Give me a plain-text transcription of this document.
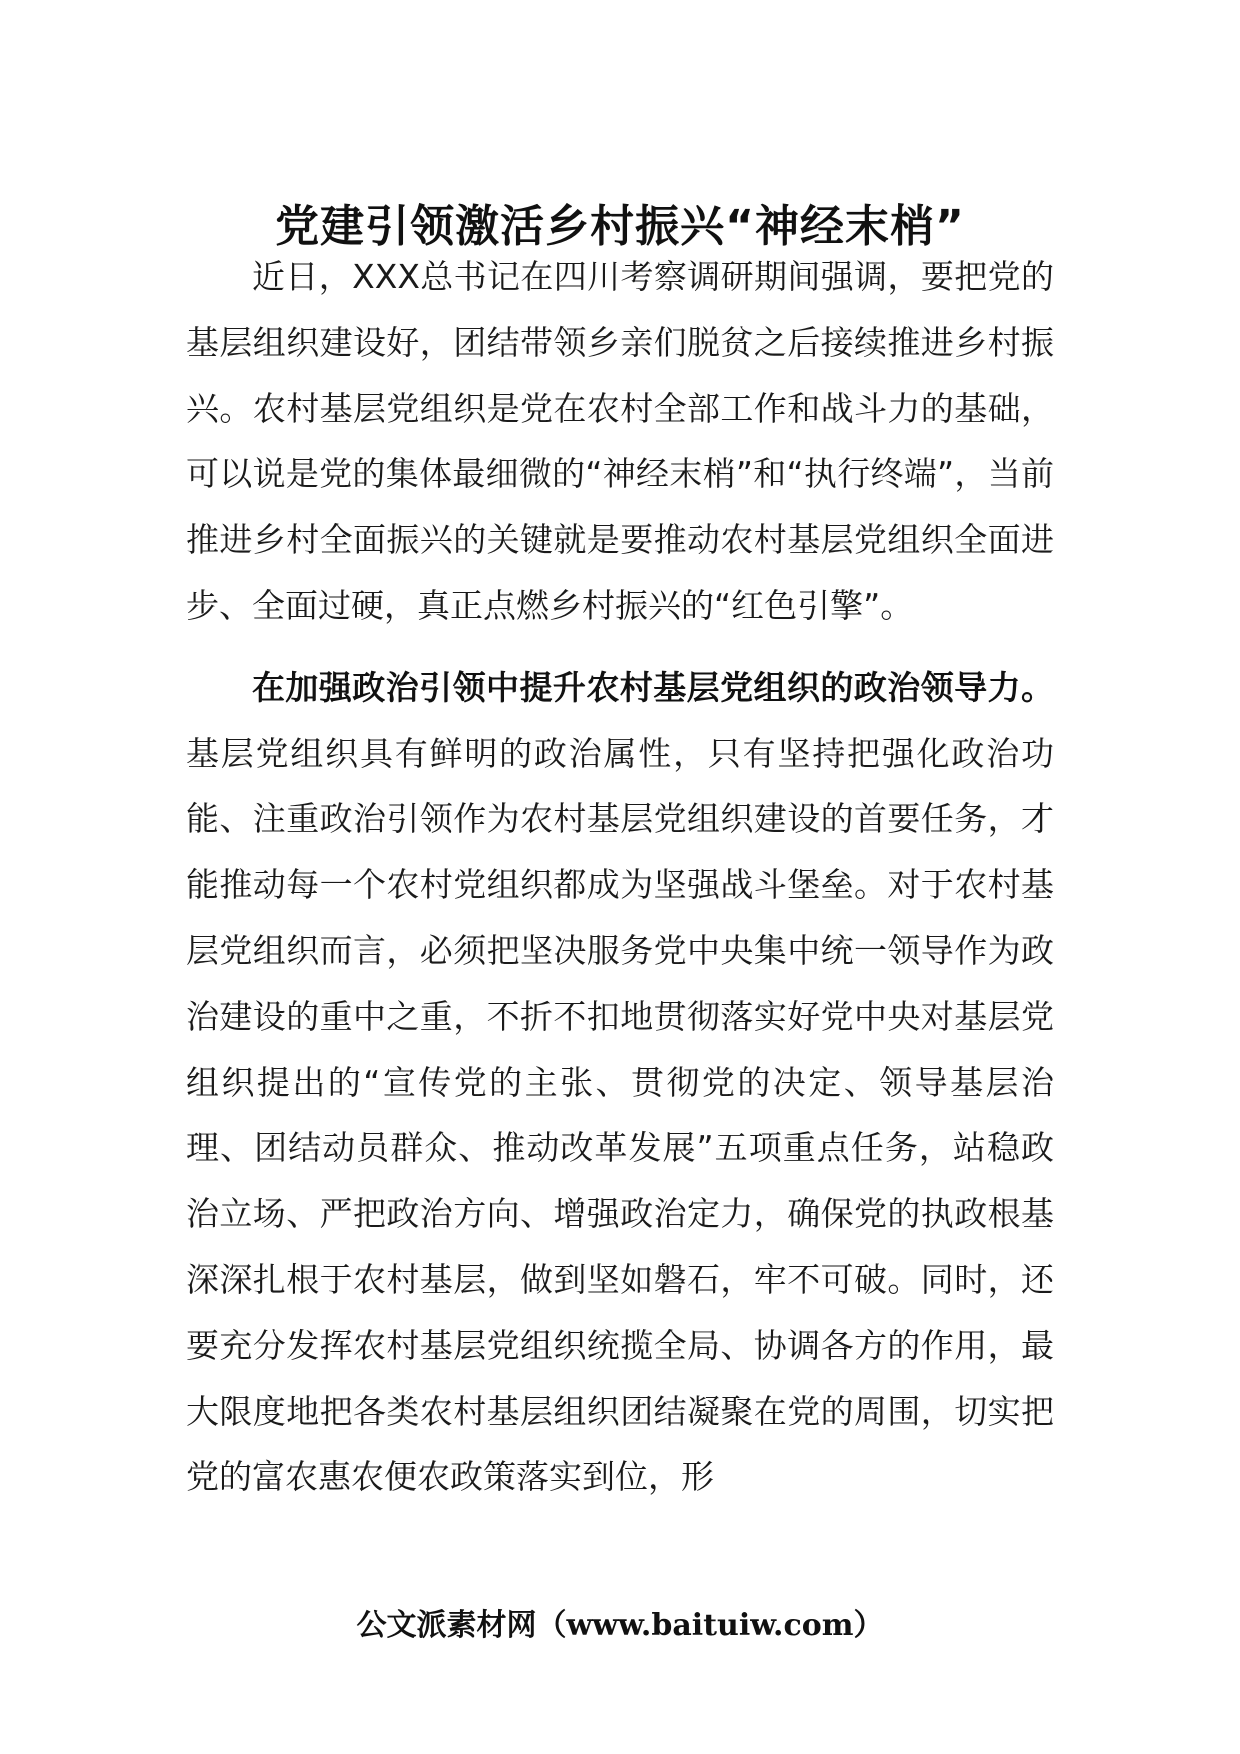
党建引领激活乡村振兴“神经末梢”

近日，XXX总书记在四川考察调研期间强调，要把党的基层组织建设好，团结带领乡亲们脱贫之后接续推进乡村振兴。农村基层党组织是党在农村全部工作和战斗力的基础，可以说是党的集体最细微的“神经末梢”和“执行终端”，当前推进乡村全面振兴的关键就是要推动农村基层党组织全面进步、全面过硬，真正点燃乡村振兴的“红色引擎”。

在加强政治引领中提升农村基层党组织的政治领导力。基层党组织具有鲜明的政治属性，只有坚持把强化政治功能、注重政治引领作为农村基层党组织建设的首要任务，才能推动每一个农村党组织都成为坚强战斗堡垒。对于农村基层党组织而言，必须把坚决服务党中央集中统一领导作为政治建设的重中之重，不折不扣地贯彻落实好党中央对基层党组织提出的“宣传党的主张、贯彻党的决定、领导基层治理、团结动员群众、推动改革发展”五项重点任务，站稳政治立场、严把政治方向、增强政治定力，确保党的执政根基深深扎根于农村基层，做到坚如磐石，牢不可破。同时，还要充分发挥农村基层党组织统揽全局、协调各方的作用，最大限度地把各类农村基层组织团结凝聚在党的周围，切实把党的富农惠农便农政策落实到位，形

公文派素材网（www.baituiw.com）
